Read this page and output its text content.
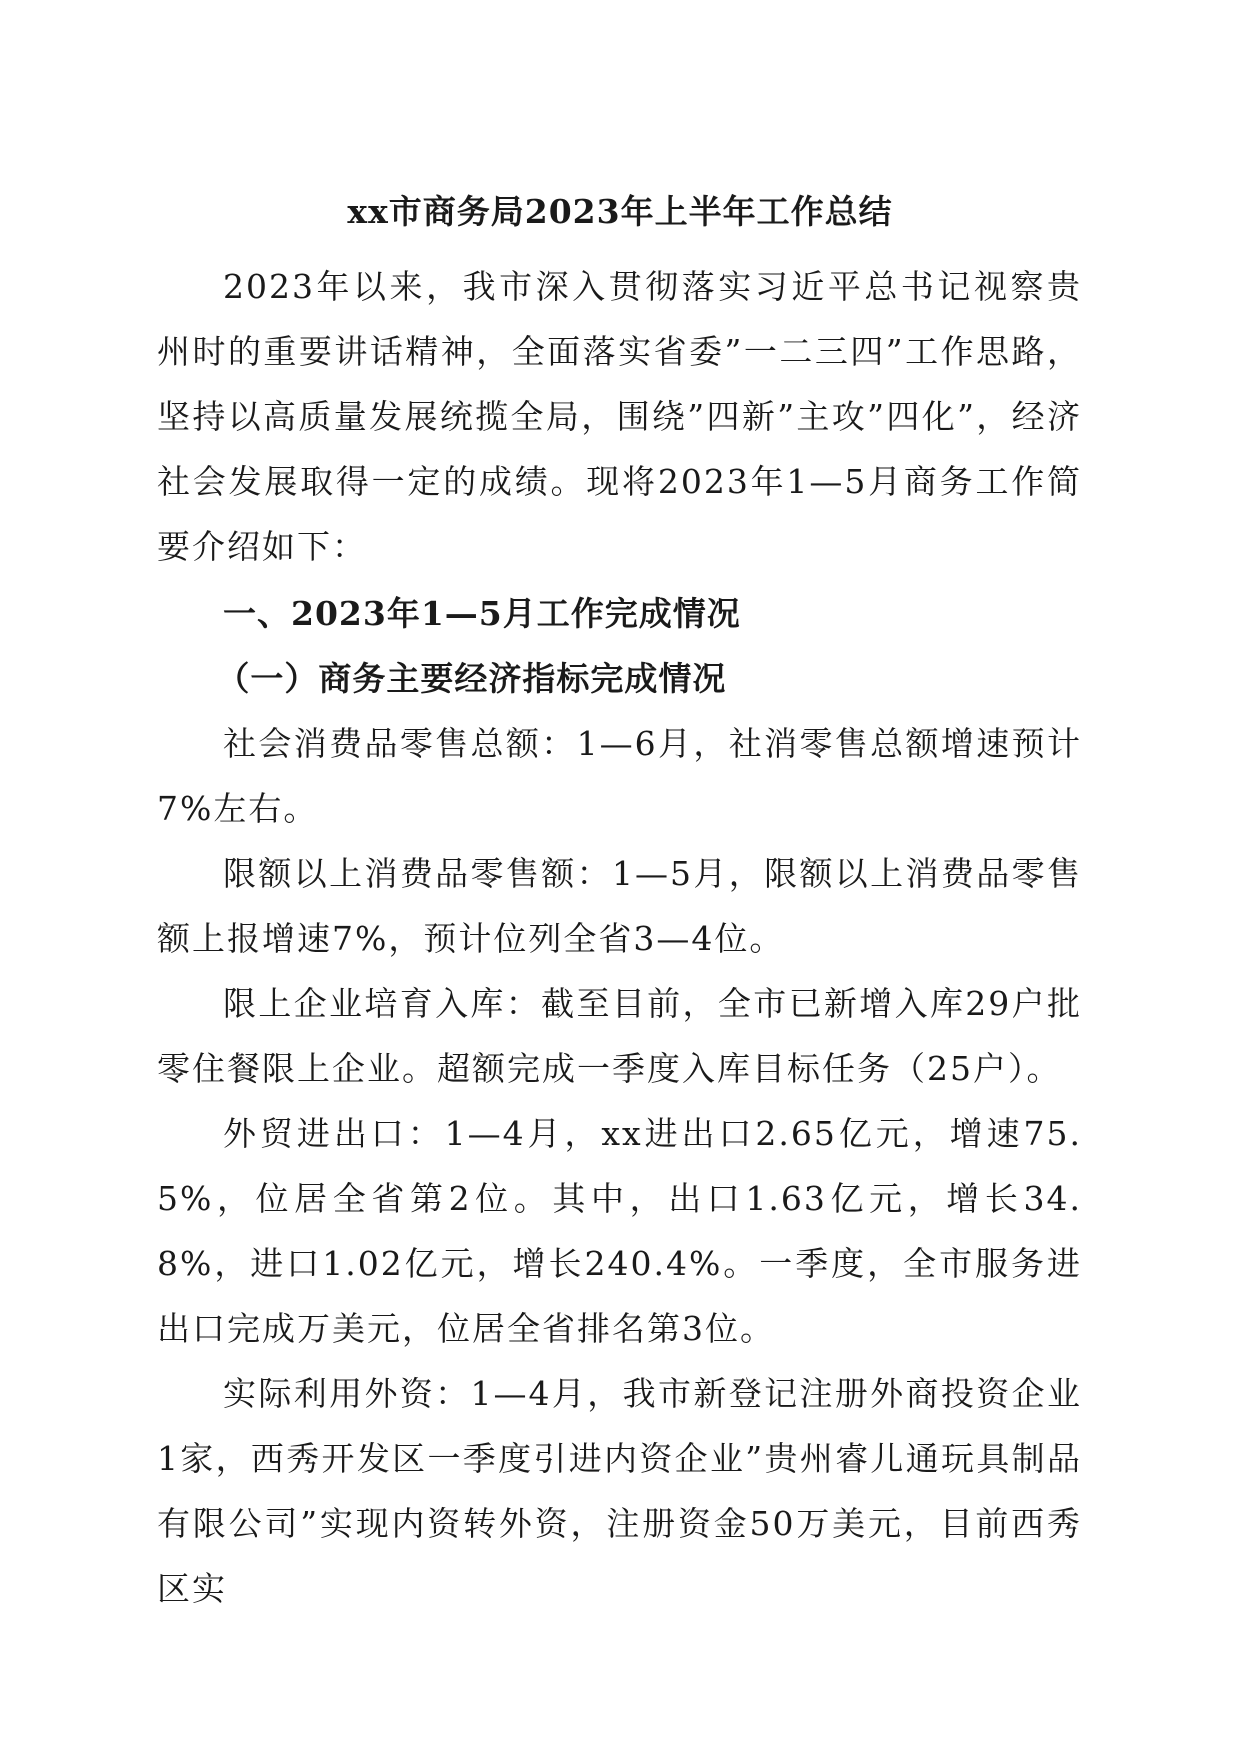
xx市商务局2023年上半年工作总结

2023年以来，我市深入贯彻落实习近平总书记视察贵州时的重要讲话精神，全面落实省委”一二三四”工作思路，坚持以高质量发展统揽全局，围绕”四新”主攻”四化”，经济社会发展取得一定的成绩。现将2023年1—5月商务工作简要介绍如下：

一、2023年1—5月工作完成情况

（一）商务主要经济指标完成情况

社会消费品零售总额：1—6月，社消零售总额增速预计7%左右。

限额以上消费品零售额：1—5月，限额以上消费品零售额上报增速7%，预计位列全省3—4位。

限上企业培育入库：截至目前，全市已新增入库29户批零住餐限上企业。超额完成一季度入库目标任务（25户）。

外贸进出口：1—4月，xx进出口2.65亿元，增速75.5%，位居全省第2位。其中，出口1.63亿元，增长34.8%，进口1.02亿元，增长240.4%。一季度，全市服务进出口完成万美元，位居全省排名第3位。

实际利用外资：1—4月，我市新登记注册外商投资企业1家，西秀开发区一季度引进内资企业”贵州睿儿通玩具制品有限公司”实现内资转外资，注册资金50万美元，目前西秀区实
